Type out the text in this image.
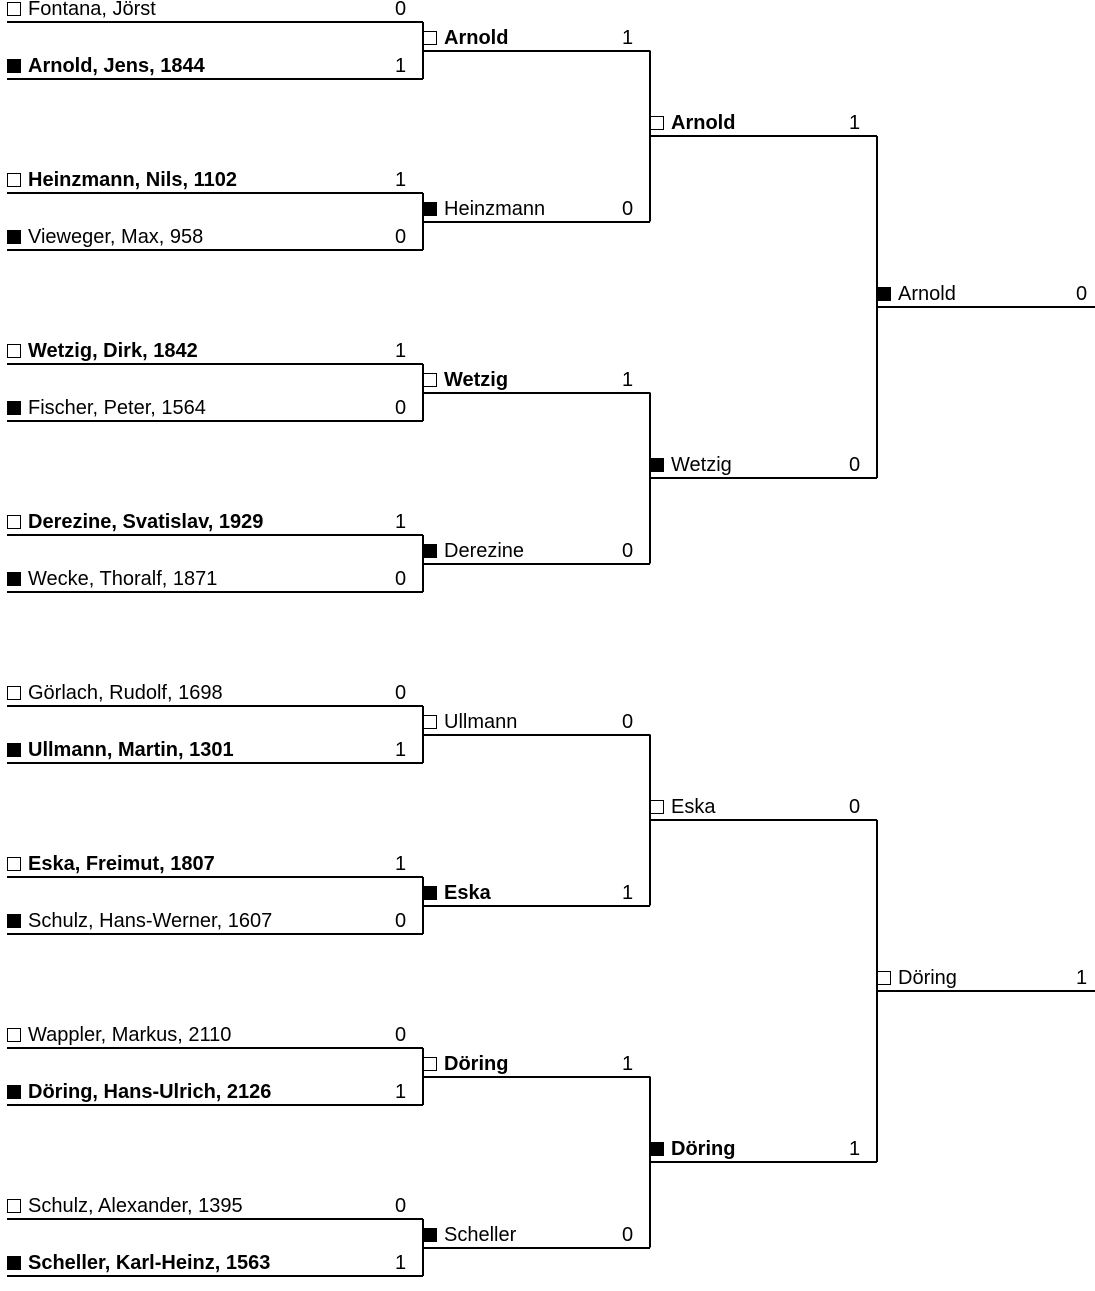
Fontana, Jörst	0
Arnold, Jens, 1844	1
Heinzmann, Nils, 1102	1
Vieweger, Max, 958	0
Wetzig, Dirk, 1842	1
Fischer, Peter, 1564	0
Derezine, Svatislav, 1929	1
Wecke, Thoralf, 1871	0
Görlach, Rudolf, 1698	0
Ullmann, Martin, 1301	1
Eska, Freimut, 1807	1
Schulz, Hans-Werner, 1607	0
Wappler, Markus, 2110	0
Döring, Hans-Ulrich, 2126	1
Schulz, Alexander, 1395	0
Scheller, Karl-Heinz, 1563	1
Arnold	1
Heinzmann	0
Wetzig	1
Derezine	0
Ullmann	0
Eska	1
Döring	1
Scheller	0
Arnold	1
Wetzig	0
Eska	0
Döring	1
Arnold	0
Döring	1
